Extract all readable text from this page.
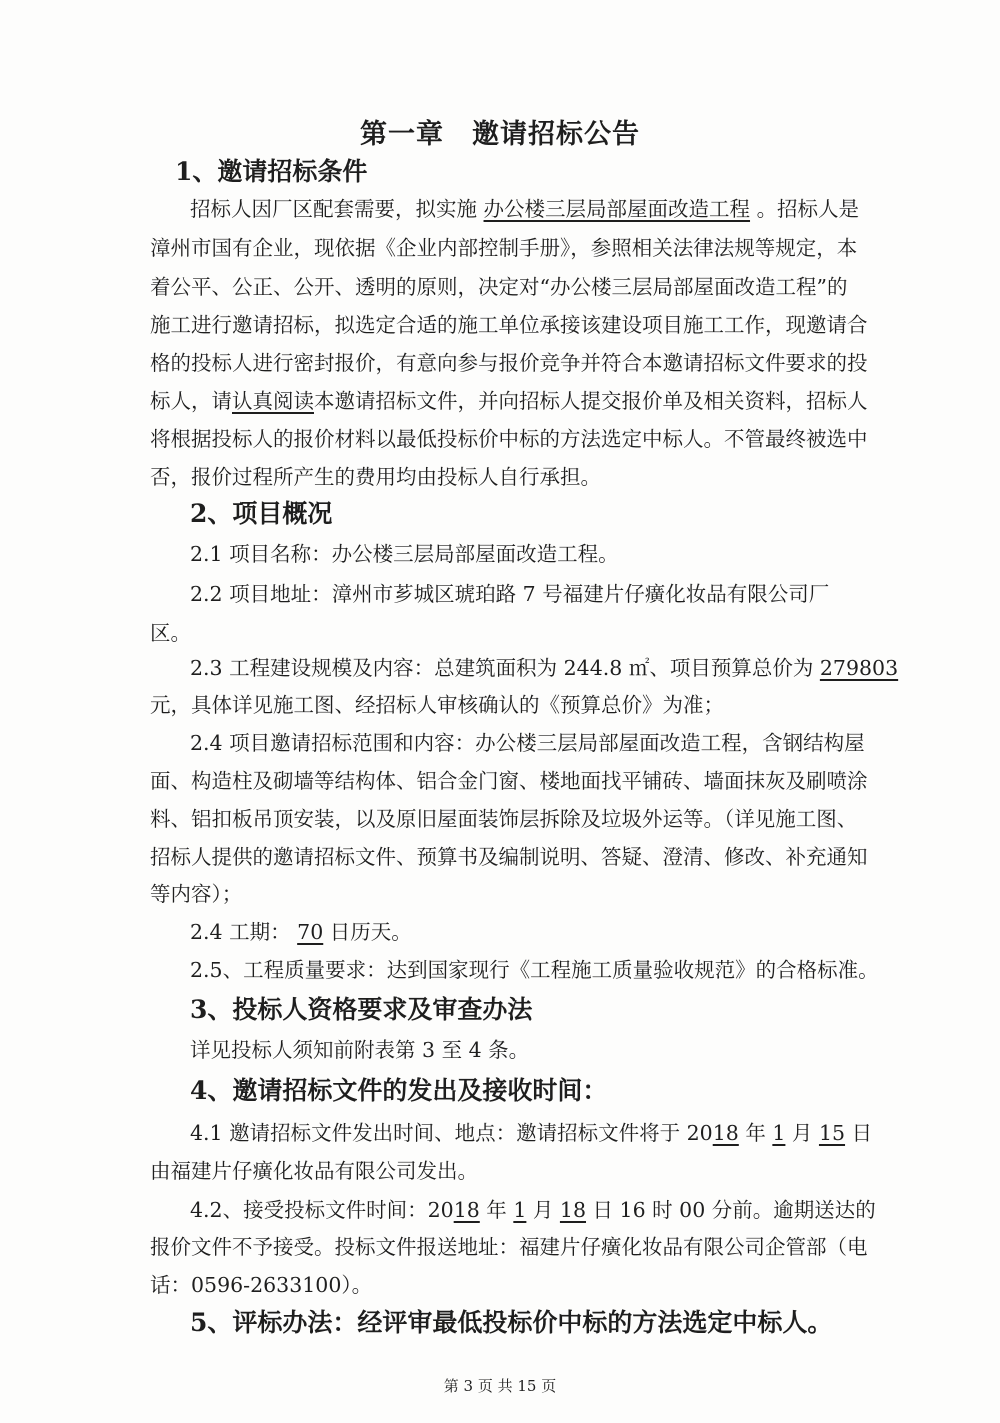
第一章　邀请招标公告
1、邀请招标条件
招标人因厂区配套需要，拟实施 办公楼三层局部屋面改造工程 。招标人是
漳州市国有企业，现依据《企业内部控制手册》，参照相关法律法规等规定，本
着公平、公正、公开、透明的原则，决定对“办公楼三层局部屋面改造工程”的
施工进行邀请招标，拟选定合适的施工单位承接该建设项目施工工作，现邀请合
格的投标人进行密封报价，有意向参与报价竞争并符合本邀请招标文件要求的投
标人，请认真阅读本邀请招标文件，并向招标人提交报价单及相关资料，招标人
将根据投标人的报价材料以最低投标价中标的方法选定中标人。不管最终被选中
否，报价过程所产生的费用均由投标人自行承担。
2、项目概况
2.1 项目名称：办公楼三层局部屋面改造工程。
2.2 项目地址：漳州市芗城区琥珀路 7 号福建片仔癀化妆品有限公司厂
区。
2.3 工程建设规模及内容：总建筑面积为 244.8 ㎡、项目预算总价为 279803
元，具体详见施工图、经招标人审核确认的《预算总价》为准；
2.4 项目邀请招标范围和内容：办公楼三层局部屋面改造工程，含钢结构屋
面、构造柱及砌墙等结构体、铝合金门窗、楼地面找平铺砖、墙面抹灰及刷喷涂
料、铝扣板吊顶安装，以及原旧屋面装饰层拆除及垃圾外运等。（详见施工图、
招标人提供的邀请招标文件、预算书及编制说明、答疑、澄清、修改、补充通知
等内容）；
2.4 工期： 70 日历天。
2.5、工程质量要求：达到国家现行《工程施工质量验收规范》的合格标准。
3、投标人资格要求及审查办法
详见投标人须知前附表第 3 至 4 条。
4、邀请招标文件的发出及接收时间：
4.1 邀请招标文件发出时间、地点：邀请招标文件将于 2018 年 1 月 15 日
由福建片仔癀化妆品有限公司发出。
4.2、接受投标文件时间：2018 年 1 月 18 日 16 时 00 分前。逾期送达的
报价文件不予接受。投标文件报送地址：福建片仔癀化妆品有限公司企管部（电
话：0596-2633100）。
5、评标办法：经评审最低投标价中标的方法选定中标人。
第 3 页 共 15 页
